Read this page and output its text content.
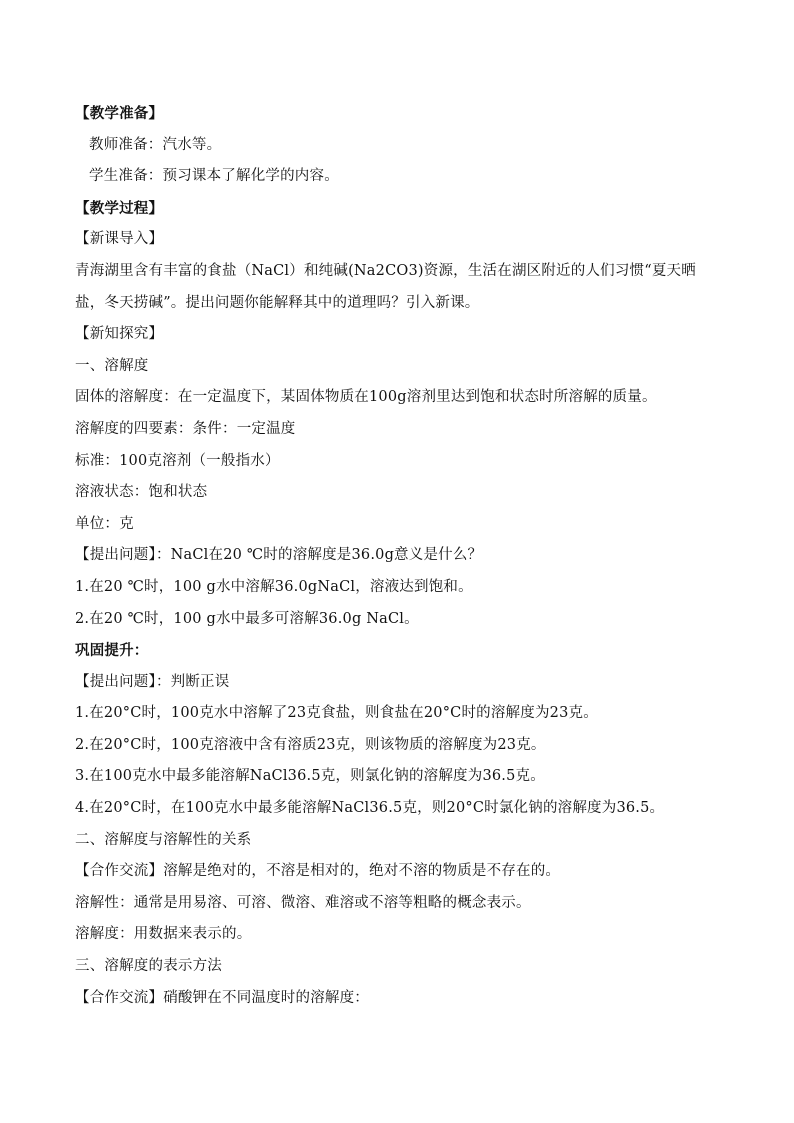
【教学准备】
教师准备：汽水等。
学生准备：预习课本了解化学的内容。
【教学过程】
【新课导入】
青海湖里含有丰富的食盐（NaCl）和纯碱(Na2CO3)资源，生活在湖区附近的人们习惯“夏天晒盐，冬天捞碱”。提出问题你能解释其中的道理吗？引入新课。
【新知探究】
一、溶解度
固体的溶解度：在一定温度下，某固体物质在100g溶剂里达到饱和状态时所溶解的质量。
溶解度的四要素：条件：一定温度
标准：100克溶剂（一般指水）
溶液状态：饱和状态
单位：克
【提出问题】：NaCl在20 ℃时的溶解度是36.0g意义是什么？
1.在20 ℃时，100 g水中溶解36.0gNaCl，溶液达到饱和。
2.在20 ℃时，100 g水中最多可溶解36.0g NaCl。
巩固提升：
【提出问题】：判断正误
1.在20°C时，100克水中溶解了23克食盐，则食盐在20°C时的溶解度为23克。
2.在20°C时，100克溶液中含有溶质23克，则该物质的溶解度为23克。
3.在100克水中最多能溶解NaCl36.5克，则氯化钠的溶解度为36.5克。
4.在20°C时，在100克水中最多能溶解NaCl36.5克，则20°C时氯化钠的溶解度为36.5。
二、溶解度与溶解性的关系
【合作交流】溶解是绝对的，不溶是相对的，绝对不溶的物质是不存在的。
溶解性：通常是用易溶、可溶、微溶、难溶或不溶等粗略的概念表示。
溶解度：用数据来表示的。
三、溶解度的表示方法
【合作交流】硝酸钾在不同温度时的溶解度：
